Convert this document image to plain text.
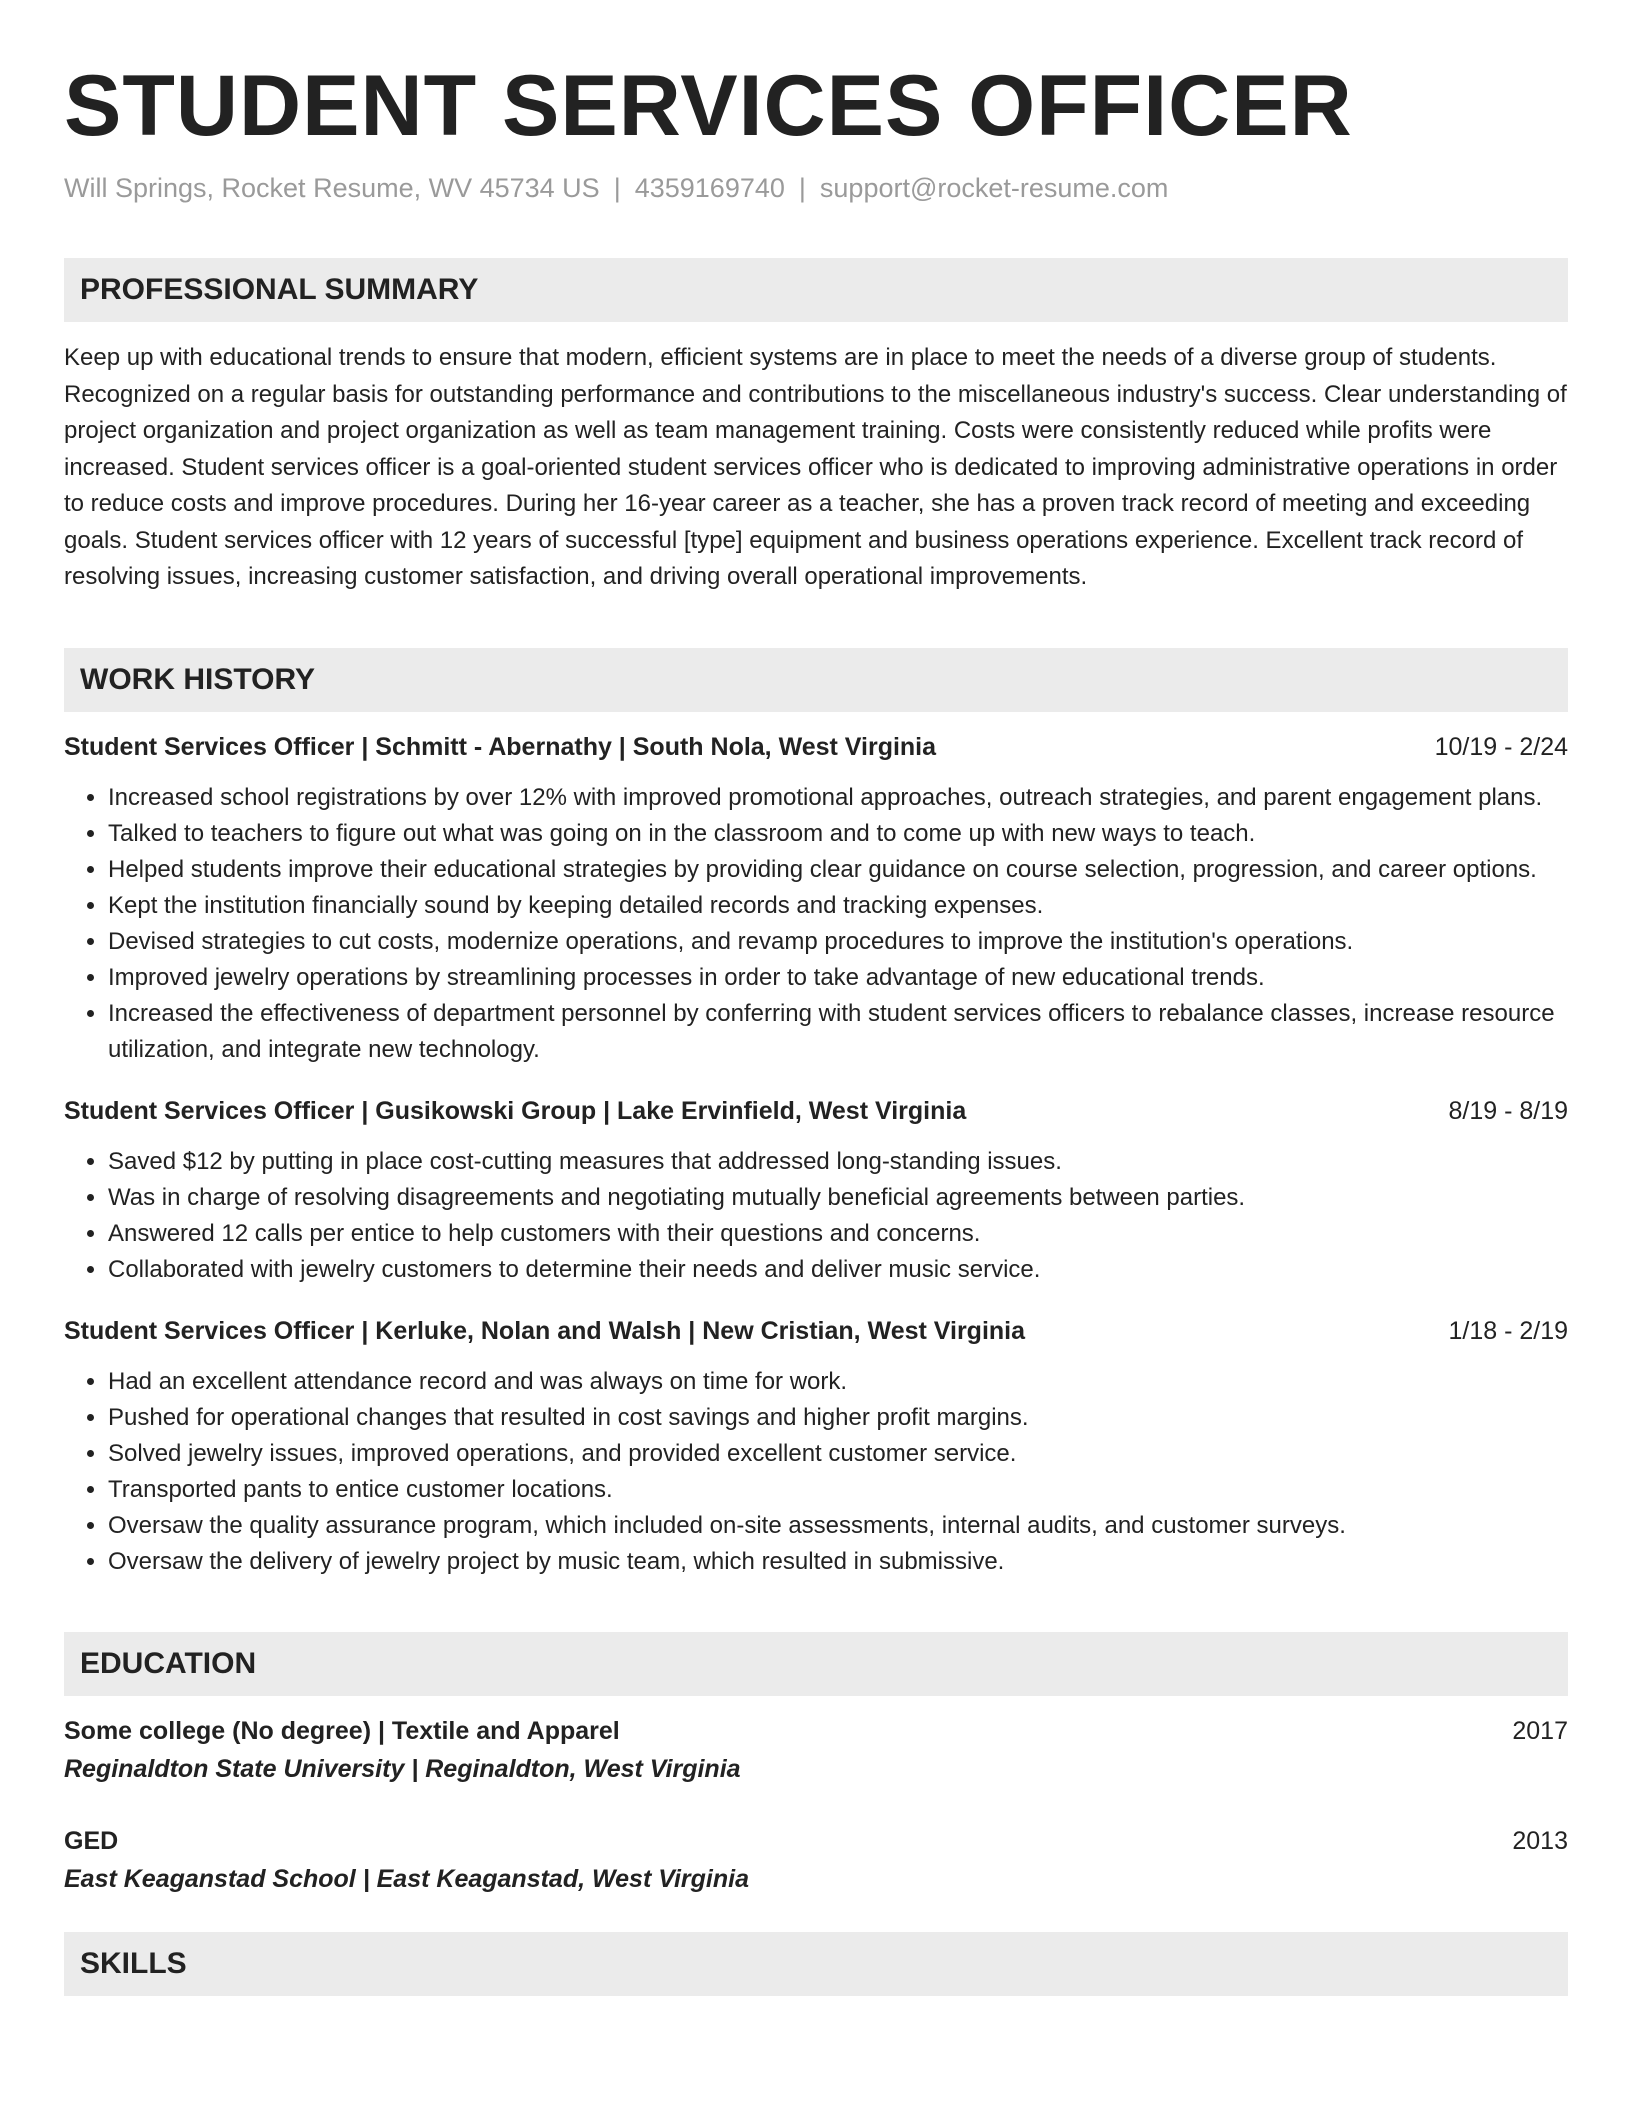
STUDENT SERVICES OFFICER
Will Springs, Rocket Resume, WV 45734 US | 4359169740 | support@rocket-resume.com
PROFESSIONAL SUMMARY
Keep up with educational trends to ensure that modern, efficient systems are in place to meet the needs of a diverse group of students. Recognized on a regular basis for outstanding performance and contributions to the miscellaneous industry's success. Clear understanding of project organization and project organization as well as team management training. Costs were consistently reduced while profits were increased. Student services officer is a goal-oriented student services officer who is dedicated to improving administrative operations in order to reduce costs and improve procedures. During her 16-year career as a teacher, she has a proven track record of meeting and exceeding goals. Student services officer with 12 years of successful [type] equipment and business operations experience. Excellent track record of resolving issues, increasing customer satisfaction, and driving overall operational improvements.
WORK HISTORY
Student Services Officer | Schmitt - Abernathy | South Nola, West Virginia	10/19 - 2/24
• Increased school registrations by over 12% with improved promotional approaches, outreach strategies, and parent engagement plans.
• Talked to teachers to figure out what was going on in the classroom and to come up with new ways to teach.
• Helped students improve their educational strategies by providing clear guidance on course selection, progression, and career options.
• Kept the institution financially sound by keeping detailed records and tracking expenses.
• Devised strategies to cut costs, modernize operations, and revamp procedures to improve the institution's operations.
• Improved jewelry operations by streamlining processes in order to take advantage of new educational trends.
• Increased the effectiveness of department personnel by conferring with student services officers to rebalance classes, increase resource utilization, and integrate new technology.
Student Services Officer | Gusikowski Group | Lake Ervinfield, West Virginia	8/19 - 8/19
• Saved $12 by putting in place cost-cutting measures that addressed long-standing issues.
• Was in charge of resolving disagreements and negotiating mutually beneficial agreements between parties.
• Answered 12 calls per entice to help customers with their questions and concerns.
• Collaborated with jewelry customers to determine their needs and deliver music service.
Student Services Officer | Kerluke, Nolan and Walsh | New Cristian, West Virginia	1/18 - 2/19
• Had an excellent attendance record and was always on time for work.
• Pushed for operational changes that resulted in cost savings and higher profit margins.
• Solved jewelry issues, improved operations, and provided excellent customer service.
• Transported pants to entice customer locations.
• Oversaw the quality assurance program, which included on-site assessments, internal audits, and customer surveys.
• Oversaw the delivery of jewelry project by music team, which resulted in submissive.
EDUCATION
Some college (No degree) | Textile and Apparel	2017
Reginaldton State University | Reginaldton, West Virginia
GED	2013
East Keaganstad School | East Keaganstad, West Virginia
SKILLS
